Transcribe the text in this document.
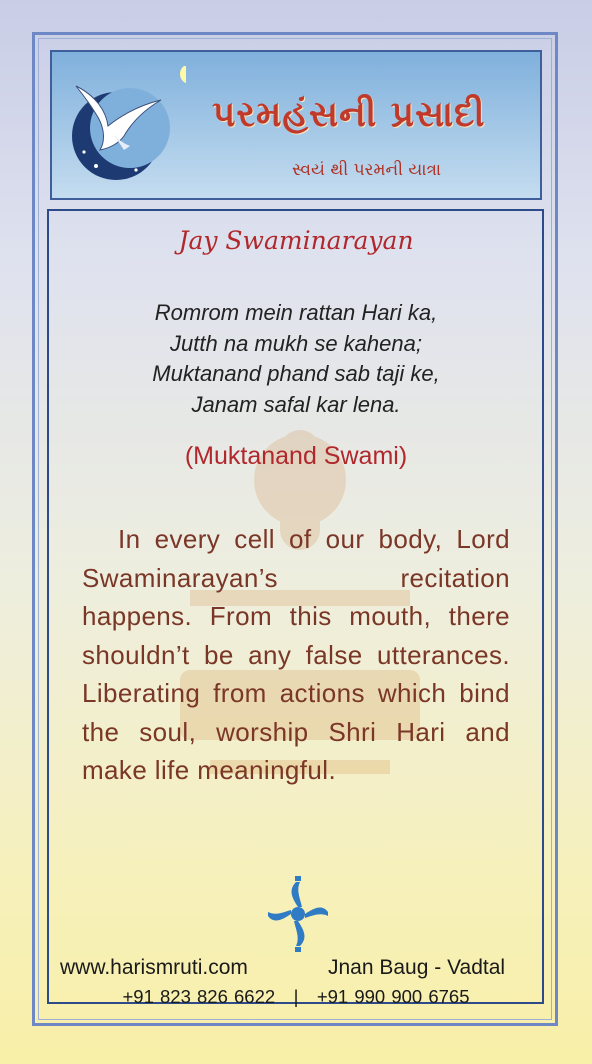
પરમહંસની પ્રસાદી
સ્વયં થી પરમની યાત્રા
Jay Swaminarayan
Romrom mein rattan Hari ka,
Jutth na mukh se kahena;
Muktanand phand sab taji ke,
Janam safal kar lena.
(Muktanand Swami)
In every cell of our body, Lord Swaminarayan’s recitation happens. From this mouth, there shouldn’t be any false utterances. Liberating from actions which bind the soul, worship Shri Hari and make life meaningful.
www.harismruti.com	Jnan Baug - Vadtal
+91 823 826 6622   |   +91 990 900 6765
